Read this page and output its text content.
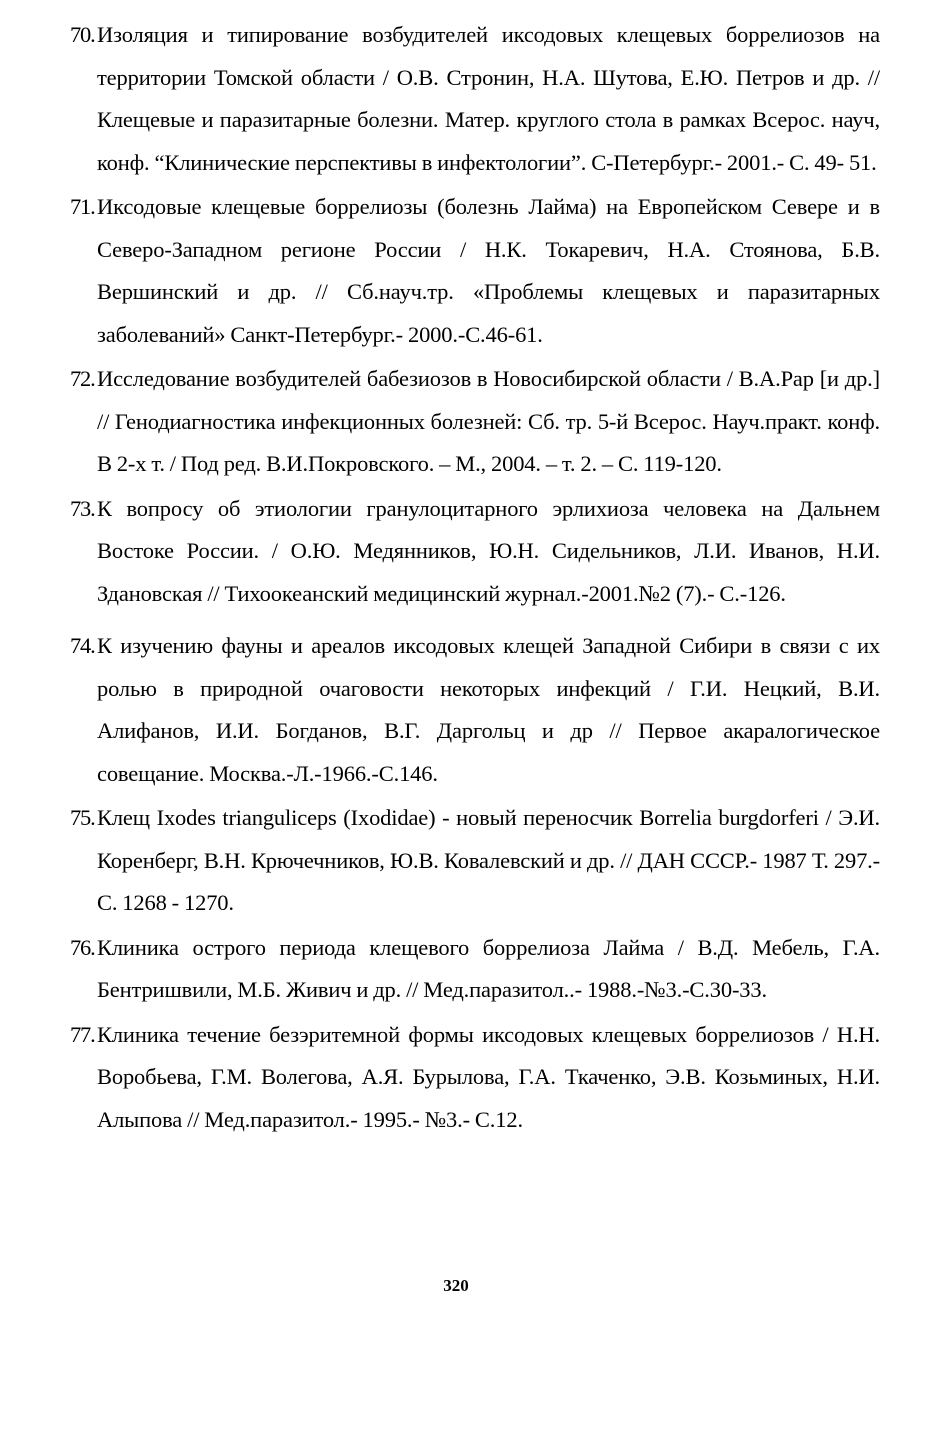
70. Изоляция и типирование возбудителей иксодовых клещевых боррелиозов на территории Томской области / О.В. Стронин, Н.А. Шутова, Е.Ю. Петров и др. // Клещевые и паразитарные болезни. Матер. круглого стола в рамках Всерос. науч, конф. “Клинические перспективы в инфектологии”. С-Петербург.- 2001.- С. 49- 51.
71. Иксодовые клещевые боррелиозы (болезнь Лайма) на Европейском Севере и в Северо-Западном регионе России / Н.К. Токаревич, Н.А. Стоянова, Б.В. Вершинский и др. // Сб.науч.тр. «Проблемы клещевых и паразитарных заболеваний» Санкт-Петербург.- 2000.-С.46-61.
72. Исследование возбудителей бабезиозов в Новосибирской области / В.А.Рар [и др.] // Генодиагностика инфекционных болезней: Сб. тр. 5-й Всерос. Науч.практ. конф. В 2-х т. / Под ред. В.И.Покровского. – М., 2004. – т. 2. – С. 119-120.
73. К вопросу об этиологии гранулоцитарного эрлихиоза человека на Дальнем Востоке России. / О.Ю. Медянников, Ю.Н. Сидельников, Л.И. Иванов, Н.И. Здановская // Тихоокеанский медицинский журнал.-2001.№2 (7).- С.-126.
74. К изучению фауны и ареалов иксодовых клещей Западной Сибири в связи с их ролью в природной очаговости некоторых инфекций / Г.И. Нецкий, В.И. Алифанов, И.И. Богданов, В.Г. Даргольц и др // Первое акаралогическое совещание. Москва.-Л.-1966.-С.146.
75. Клещ Ixodes trianguliceps (Ixodidae) - новый переносчик Borrelia burgdorferi / Э.И. Коренберг, В.Н. Крючечников, Ю.В. Ковалевский и др. // ДАН СССР.- 1987 Т. 297.- С. 1268 - 1270.
76. Клиника острого периода клещевого боррелиоза Лайма / В.Д. Мебель, Г.А. Бентришвили, М.Б. Живич и др. // Мед.паразитол..- 1988.-№3.-С.30-33.
77. Клиника течение безэритемной формы иксодовых клещевых боррелиозов / Н.Н. Воробьева, Г.М. Волегова, А.Я. Бурылова, Г.А. Ткаченко, Э.В. Козьминых, Н.И. Алыпова // Мед.паразитол.- 1995.- №3.- С.12.
320
